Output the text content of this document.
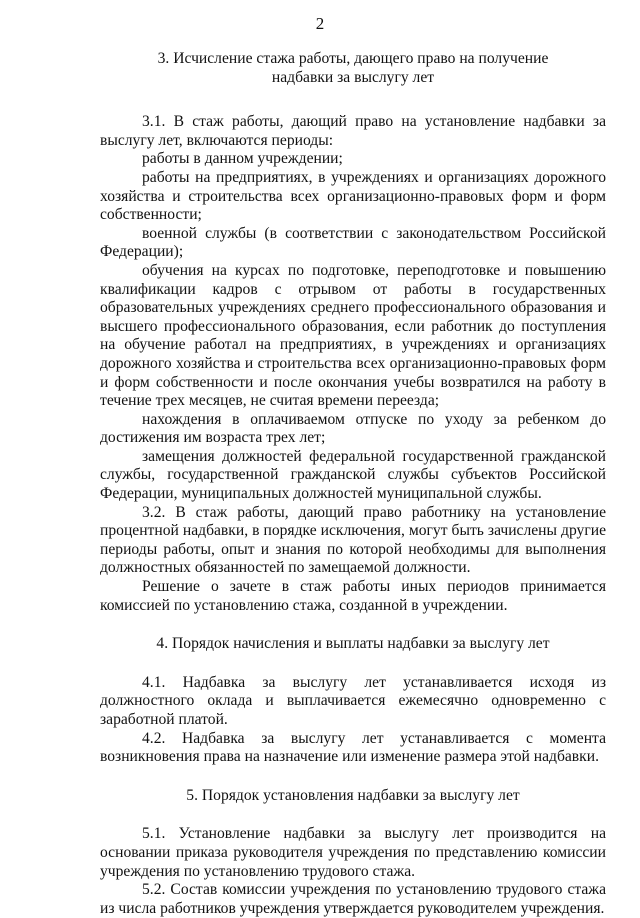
2

3. Исчисление стажа работы, дающего право на получение

надбавки за выслугу лет

3.1. В стаж работы, дающий право на установление надбавки за выслугу лет, включаются периоды:

работы в данном учреждении;

работы на предприятиях, в учреждениях и организациях дорожного хозяйства и строительства всех организационно-правовых форм и форм собственности;

военной службы (в соответствии с законодательством Российской Федерации);

обучения на курсах по подготовке, переподготовке и повышению квалификации кадров с отрывом от работы в государственных образовательных учреждениях среднего профессионального образования и высшего профессионального образования, если работник до поступления на обучение работал на предприятиях, в учреждениях и организациях дорожного хозяйства и строительства всех организационно-правовых форм и форм собственности и после окончания учебы возвратился на работу в течение трех месяцев, не считая времени переезда;

нахождения в оплачиваемом отпуске по уходу за ребенком до достижения им возраста трех лет;

замещения должностей федеральной государственной гражданской службы, государственной гражданской службы субъектов Российской Федерации, муниципальных должностей муниципальной службы.

3.2. В стаж работы, дающий право работнику на установление процентной надбавки, в порядке исключения, могут быть зачислены другие периоды работы, опыт и знания по которой необходимы для выполнения должностных обязанностей по замещаемой должности.

Решение о зачете в стаж работы иных периодов принимается комиссией по установлению стажа, созданной в учреждении.

4. Порядок начисления и выплаты надбавки за выслугу лет

4.1. Надбавка за выслугу лет устанавливается исходя из должностного оклада и выплачивается ежемесячно одновременно с заработной платой.

4.2. Надбавка за выслугу лет устанавливается с момента возникновения права на назначение или изменение размера этой надбавки.

5. Порядок установления надбавки за выслугу лет

5.1. Установление надбавки за выслугу лет производится на основании приказа руководителя учреждения по представлению комиссии учреждения по установлению трудового стажа.

5.2. Состав комиссии учреждения по установлению трудового стажа из числа работников учреждения утверждается руководителем учреждения.
